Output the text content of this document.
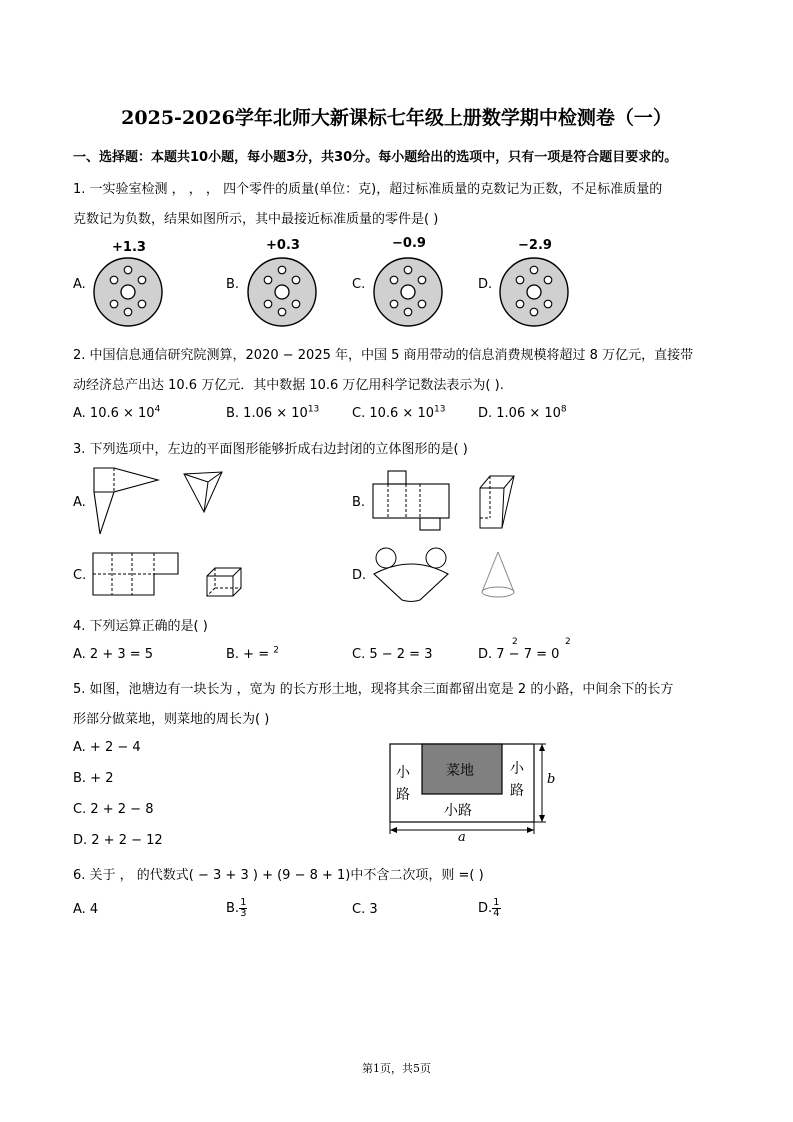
2025-2026学年北师大新课标七年级上册数学期中检测卷（一）
一、选择题：本题共10小题，每小题3分，共30分。每小题给出的选项中，只有一项是符合题目要求的。
1. 一实验室检测 ， ， ， 四个零件的质量(单位：克)，超过标准质量的克数记为正数，不足标准质量的
克数记为负数，结果如图所示，其中最接近标准质量的零件是( )
A.
+1.3
B.
+0.3
C.
−0.9
D.
−2.9
2. 中国信息通信研究院测算，2020 − 2025 年，中国 5 商用带动的信息消费规模将超过 8 万亿元，直接带
动经济总产出达 10.6 万亿元．其中数据 10.6 万亿用科学记数法表示为( ).
A. $10.6 \times 10^4$	B. $1.06 \times 10^{13}$	C. $10.6 \times 10^{13}$	D. $1.06 \times 10^8$
3. 下列选项中，左边的平面图形能够折成右边封闭的立体图形的是( )
A.	B.
C.	D.
4. 下列运算正确的是( )
A. 2 + 3 = 5	B. + = $^2$	C. 5 − 2 = 3	D. 7 − 7 = 0
2	2
5. 如图，池塘边有一块长为 ，宽为 的长方形土地，现将其余三面都留出宽是 2 的小路，中间余下的长方
形部分做菜地，则菜地的周长为( )
A. + 2 − 4
B. + 2
C. 2 + 2 − 8
D. 2 + 2 − 12
菜地
小
路
小
路
小路
a
b
6. 关于 ， 的代数式( − 3 + 3 ) + (9 − 8 + 1)中不含二次项，则 =( )
A. 4	B. $\frac{1}{3}$	C. 3	D. $\frac{1}{4}$
第1页，共5页
